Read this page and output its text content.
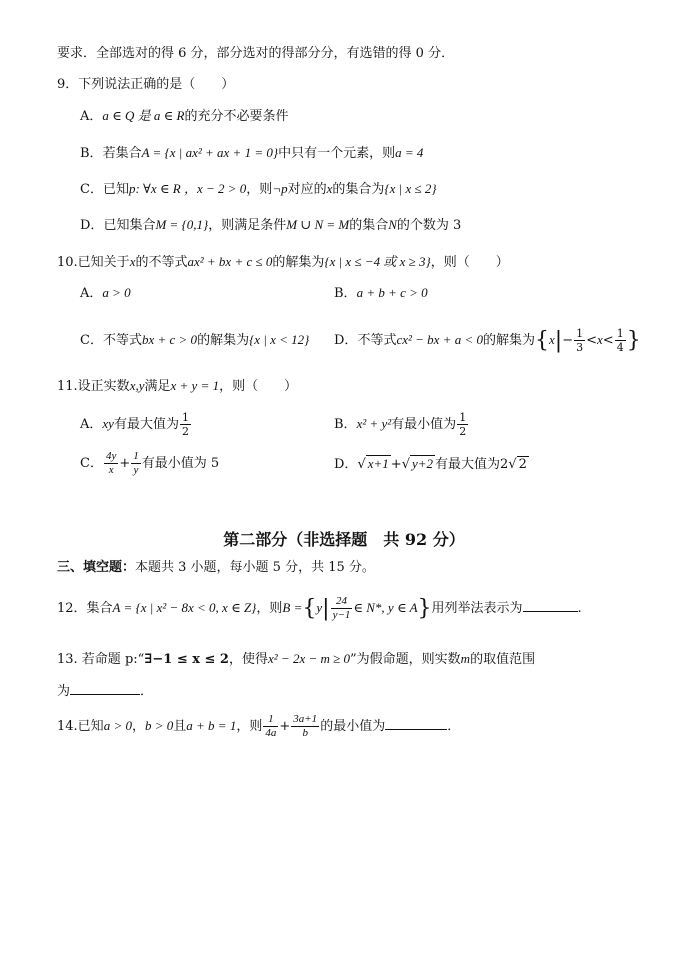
要求．全部选对的得 6 分，部分选对的得部分分，有选错的得 0 分．
9．下列说法正确的是（　　）
A．a ∈ Q 是 a ∈ R的充分不必要条件
B．若集合A = {x | ax² + ax + 1 = 0}中只有一个元素，则a = 4
C．已知p: ∀x ∈ R ，x − 2 > 0，则¬p对应的x的集合为{x | x ≤ 2}
D．已知集合M = {0,1}，则满足条件M ∪ N = M的集合N的个数为 3
10.已知关于x的不等式ax² + bx + c ≤ 0的解集为{x | x ≤ −4 或 x ≥ 3}，则（　　）
A．a > 0	B．a + b + c > 0
C．不等式bx + c > 0的解集为{x | x < 12} D．不等式cx² − bx + a < 0的解集为{$x|- \frac{1}{3} <x< \frac{1}{4}$ }
11.设正实数x,y满足x + y = 1，则（　　）
A．xy有最大值为 $\frac{1}{2}$	B．x² + y²有最小值为 $\frac{1}{2}$
C． $\frac{4y}{x} + \frac{1}{y}$ 有最小值为 5	D．√ x+1 +√ y+2 有最大值为2√ 2
第二部分（非选择题　共 92 分）
三、填空题：本题共 3 小题，每小题 5 分，共 15 分。
12．集合A = {x | x² − 8x < 0, x ∈ Z}，则$B =\{y| \frac{24}{y-1}$ ∈ N*, y ∈ A}用列举法表示为	.
13. 若命题 p:“∃−1 ≤ x ≤ 2，使得x² − 2x − m ≥ 0”为假命题，则实数m的取值范围
为	．
14.已知a > 0，b > 0且a + b = 1，则 $\frac{1}{4a} + \frac{3a+1}{b}$ 的最小值为	．
